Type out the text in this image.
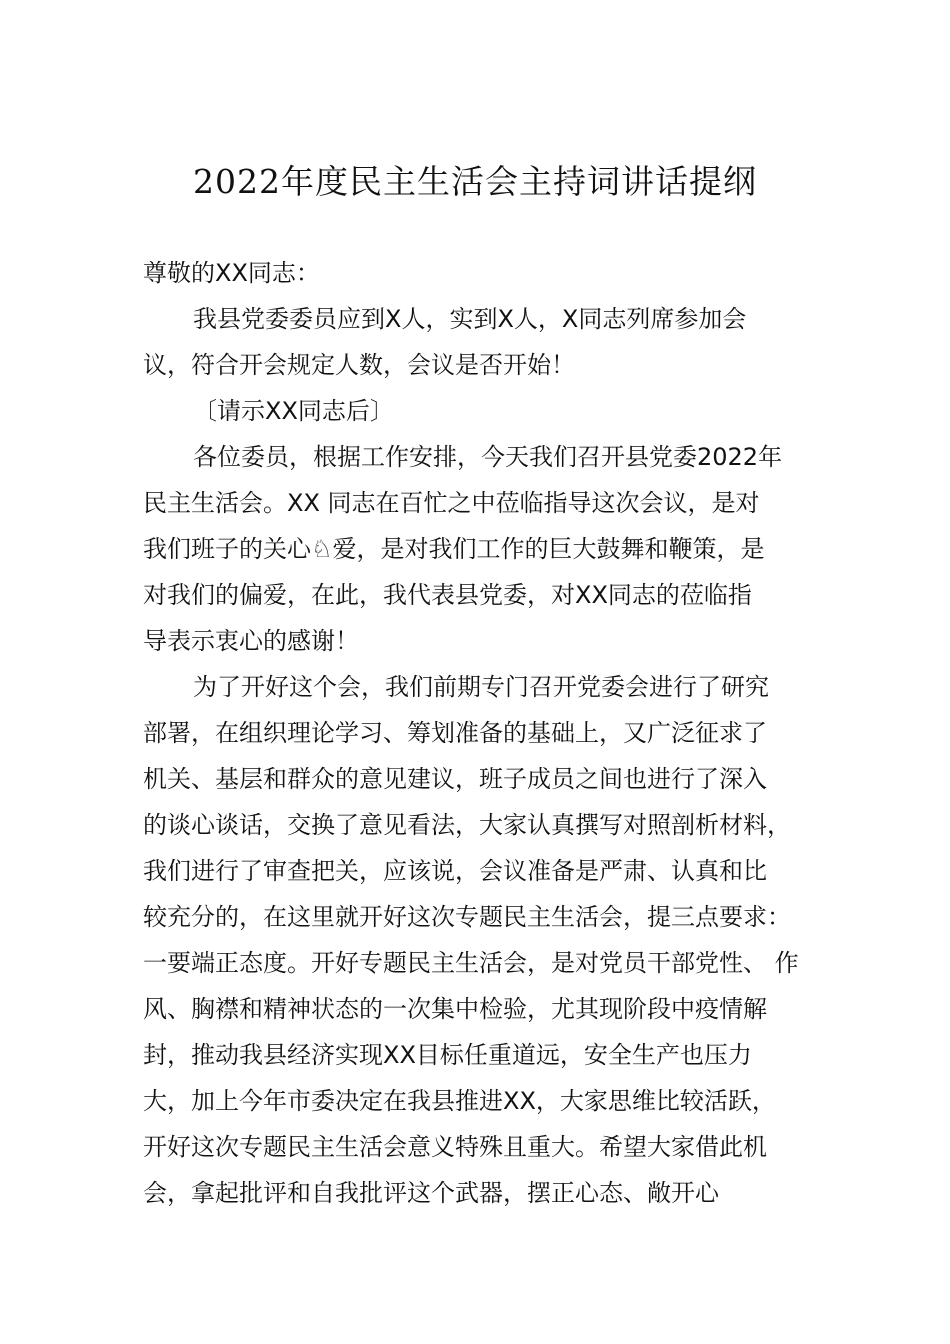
2022年度民主生活会主持词讲话提纲
尊敬的XX同志：
我县党委委员应到X人，实到X人，X同志列席参加会
议，符合开会规定人数，会议是否开始！
〔请示XX同志后〕
各位委员，根据工作安排，今天我们召开县党委2022年
民主生活会。XX 同志在百忙之中莅临指导这次会议，是对
我们班子的关心♘爱，是对我们工作的巨大鼓舞和鞭策，是
对我们的偏爱，在此，我代表县党委，对XX同志的莅临指
导表示衷心的感谢！
为了开好这个会，我们前期专门召开党委会进行了研究
部署，在组织理论学习、筹划准备的基础上，又广泛征求了
机关、基层和群众的意见建议，班子成员之间也进行了深入
的谈心谈话，交换了意见看法，大家认真撰写对照剖析材料，
我们进行了审查把关，应该说，会议准备是严肃、认真和比
较充分的，在这里就开好这次专题民主生活会，提三点要求：
一要端正态度。开好专题民主生活会，是对党员干部党性、 作
风、胸襟和精神状态的一次集中检验，尤其现阶段中疫情解
封，推动我县经济实现XX目标任重道远，安全生产也压力
大，加上今年市委决定在我县推进XX，大家思维比较活跃，
开好这次专题民主生活会意义特殊且重大。希望大家借此机
会，拿起批评和自我批评这个武器，摆正心态、敞开心
